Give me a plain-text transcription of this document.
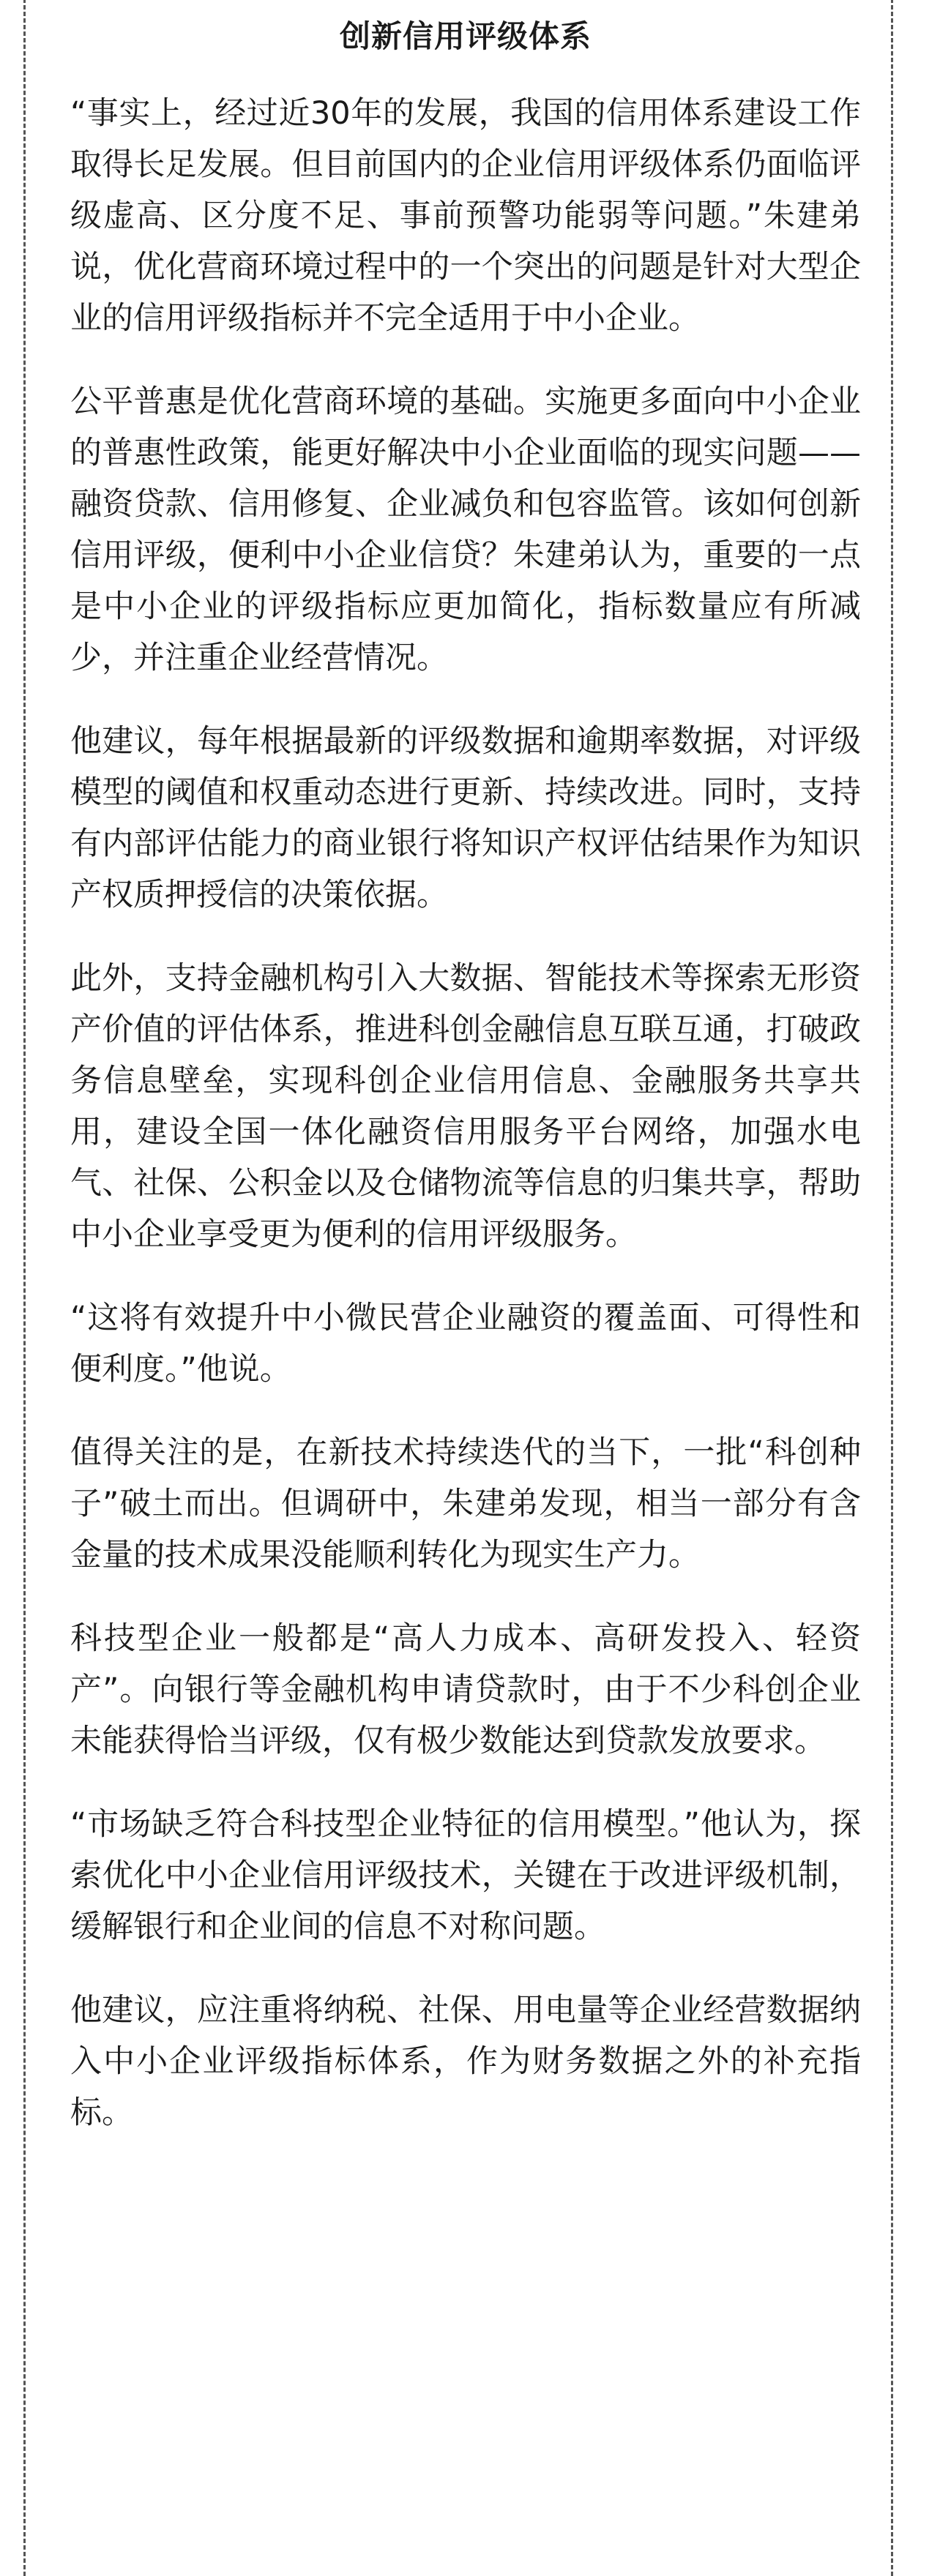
创新信用评级体系

“事实上，经过近30年的发展，我国的信用体系建设工作取得长足发展。但目前国内的企业信用评级体系仍面临评级虚高、区分度不足、事前预警功能弱等问题。”朱建弟说，优化营商环境过程中的一个突出的问题是针对大型企业的信用评级指标并不完全适用于中小企业。

公平普惠是优化营商环境的基础。实施更多面向中小企业的普惠性政策，能更好解决中小企业面临的现实问题——融资贷款、信用修复、企业减负和包容监管。该如何创新信用评级，便利中小企业信贷？朱建弟认为，重要的一点是中小企业的评级指标应更加简化，指标数量应有所减少，并注重企业经营情况。

他建议，每年根据最新的评级数据和逾期率数据，对评级模型的阈值和权重动态进行更新、持续改进。同时，支持有内部评估能力的商业银行将知识产权评估结果作为知识产权质押授信的决策依据。

此外，支持金融机构引入大数据、智能技术等探索无形资产价值的评估体系，推进科创金融信息互联互通，打破政务信息壁垒，实现科创企业信用信息、金融服务共享共用，建设全国一体化融资信用服务平台网络，加强水电气、社保、公积金以及仓储物流等信息的归集共享，帮助中小企业享受更为便利的信用评级服务。

“这将有效提升中小微民营企业融资的覆盖面、可得性和便利度。”他说。

值得关注的是，在新技术持续迭代的当下，一批“科创种子”破土而出。但调研中，朱建弟发现，相当一部分有含金量的技术成果没能顺利转化为现实生产力。

科技型企业一般都是“高人力成本、高研发投入、轻资产”。向银行等金融机构申请贷款时，由于不少科创企业未能获得恰当评级，仅有极少数能达到贷款发放要求。

“市场缺乏符合科技型企业特征的信用模型。”他认为，探索优化中小企业信用评级技术，关键在于改进评级机制，缓解银行和企业间的信息不对称问题。

他建议，应注重将纳税、社保、用电量等企业经营数据纳入中小企业评级指标体系，作为财务数据之外的补充指标。
